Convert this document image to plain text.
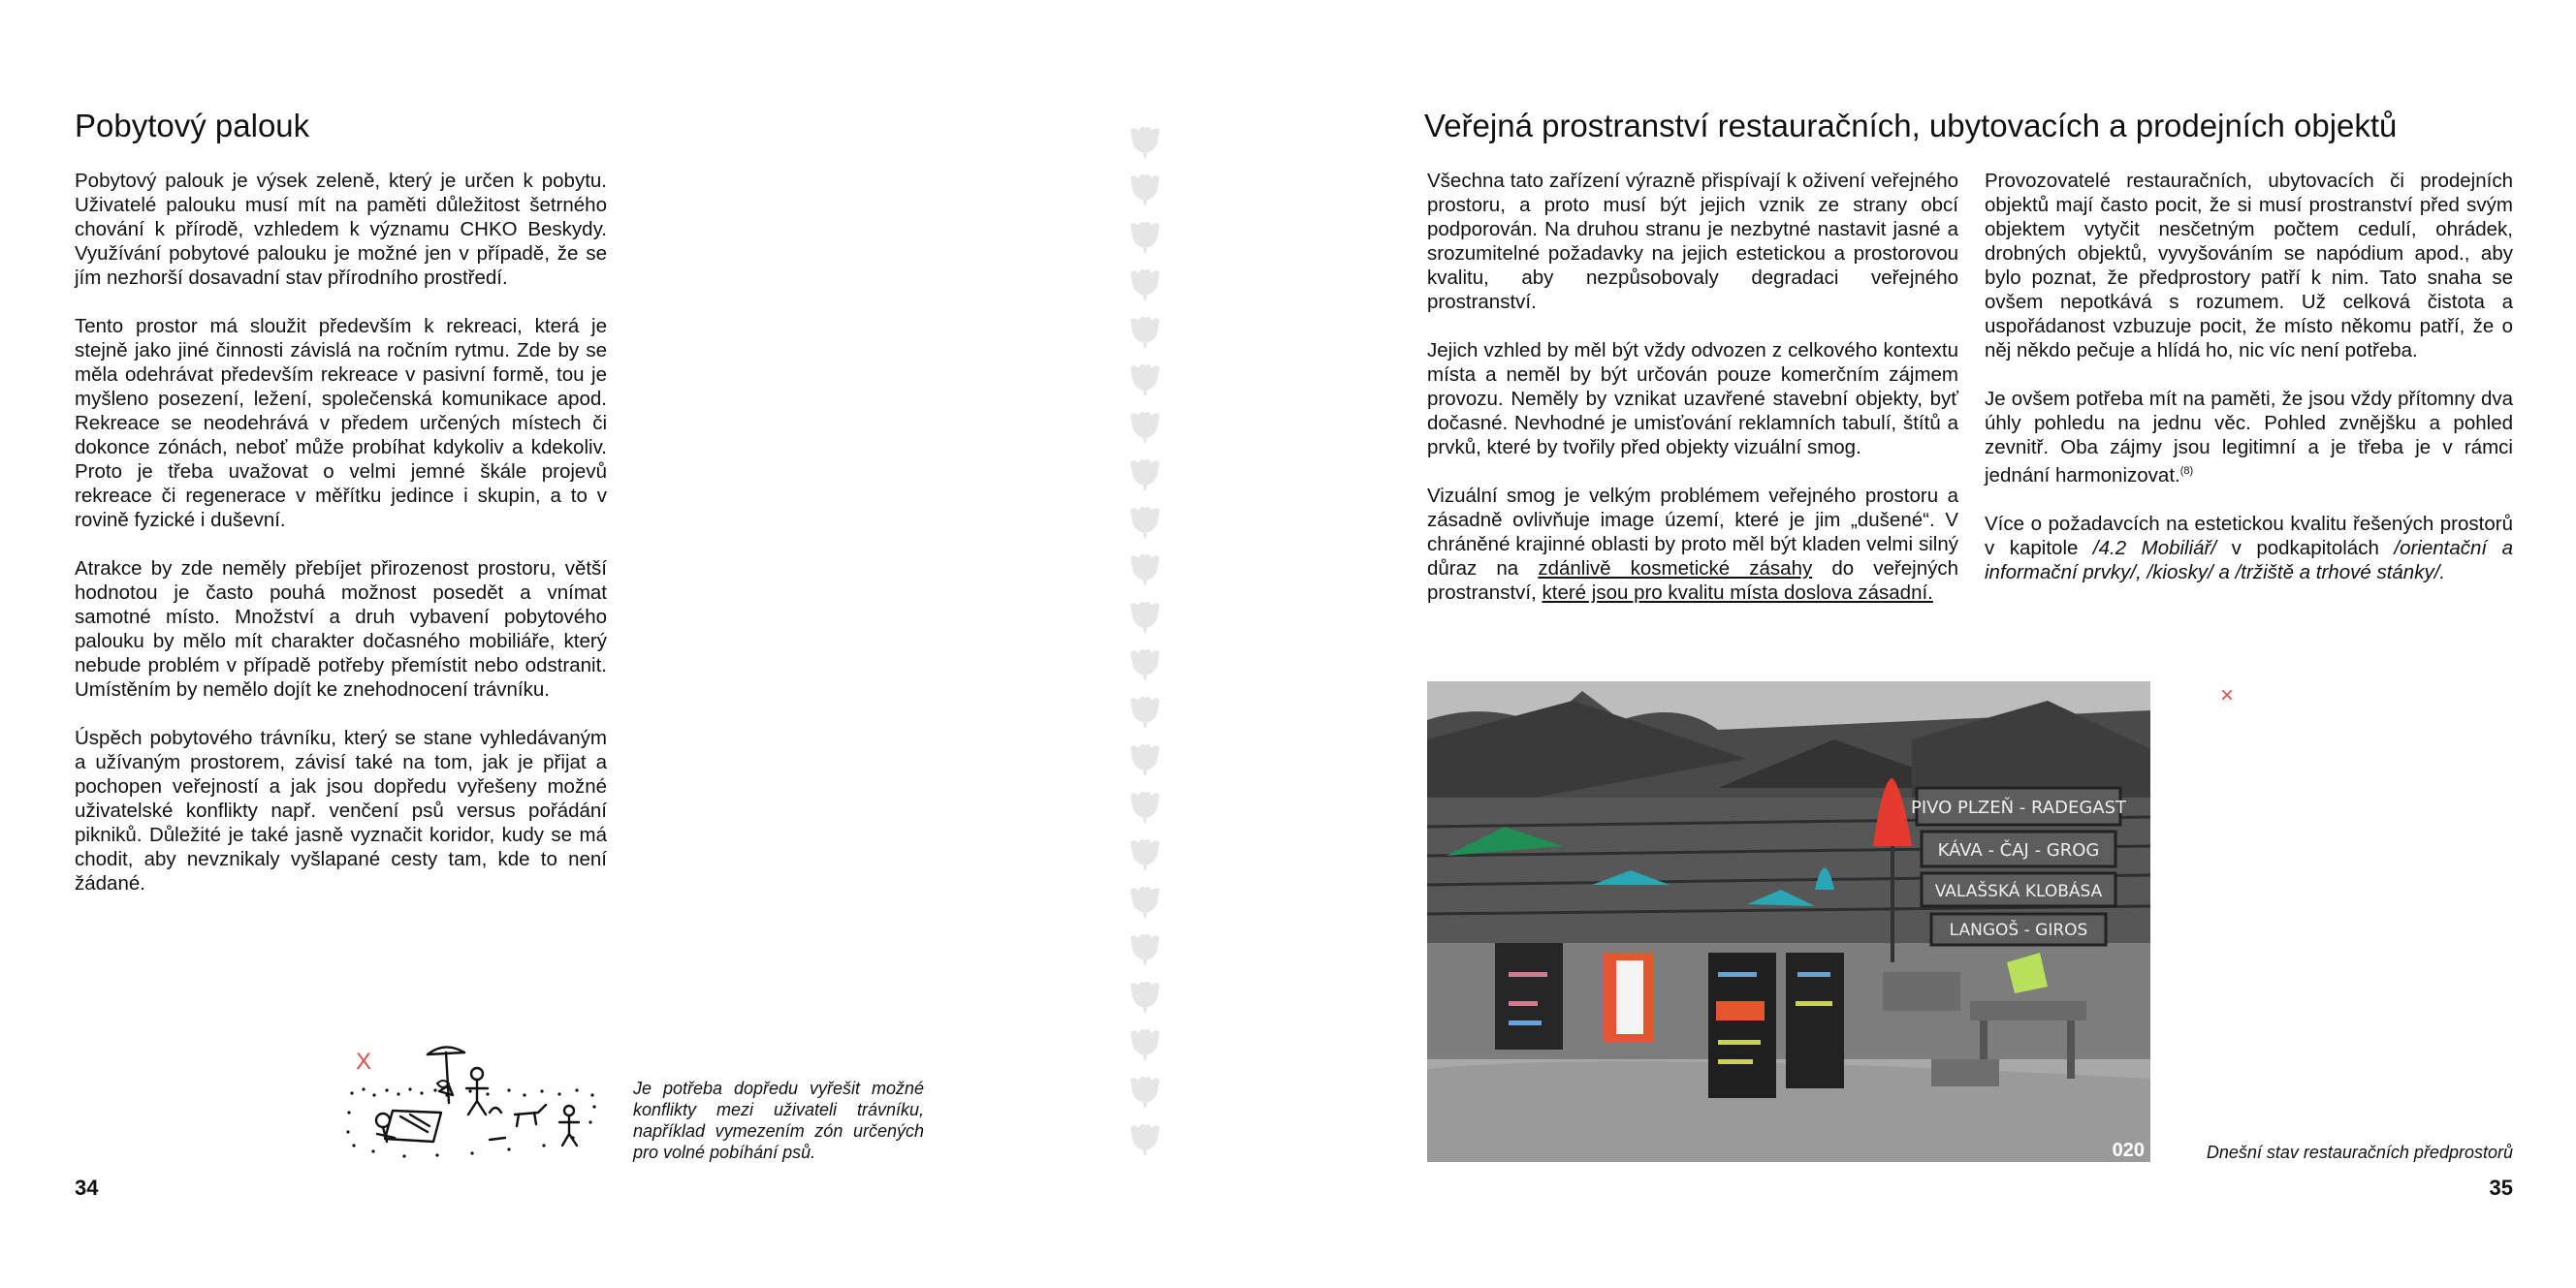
Pobytový palouk

Pobytový palouk je výsek zeleně, který je určen k pobytu. Uživatelé palouku musí mít na paměti důležitost šetrného chování k přírodě, vzhledem k významu CHKO Beskydy. Využívání pobytové palouku je možné jen v případě, že se jím nezhorší dosavadní stav přírodního prostředí.

Tento prostor má sloužit především k rekreaci, která je stejně jako jiné činnosti závislá na ročním rytmu. Zde by se měla odehrávat především rekreace v pasivní formě, tou je myšleno posezení, ležení, společenská komunikace apod. Rekreace se neodehrává v předem určených místech či dokonce zónách, neboť může probíhat kdykoliv a kdekoliv. Proto je třeba uvažovat o velmi jemné škále projevů rekreace či regenerace v měřítku jedince i skupin, a to v rovině fyzické i duševní.

Atrakce by zde neměly přebíjet přirozenost prostoru, větší hodnotou je často pouhá možnost posedět a vnímat samotné místo. Množství a druh vybavení pobytového palouku by mělo mít charakter dočasného mobiliáře, který nebude problém v případě potřeby přemístit nebo odstranit. Umístěním by nemělo dojít ke znehodnocení trávníku.

Úspěch pobytového trávníku, který se stane vyhledávaným a užívaným prostorem, závisí také na tom, jak je přijat a pochopen veřejností a jak jsou dopředu vyřešeny možné uživatelské konflikty např. venčení psů versus pořádání pikniků. Důležité je také jasně vyznačit koridor, kudy se má chodit, aby nevznikaly vyšlapané cesty tam, kde to není žádané.

X
Je potřeba dopředu vyřešit možné konflikty mezi uživateli trávníku, například vymezením zón určených pro volné pobíhání psů.
34
Veřejná prostranství restauračních, ubytovacích a prodejních objektů

Všechna tato zařízení výrazně přispívají k oživení veřejného prostoru, a proto musí být jejich vznik ze strany obcí podporován. Na druhou stranu je nezbytné nastavit jasné a srozumitelné požadavky na jejich estetickou a prostorovou kvalitu, aby nezpůsobovaly degradaci veřejného prostranství.

Jejich vzhled by měl být vždy odvozen z celkového kontextu místa a neměl by být určován pouze komerčním zájmem provozu. Neměly by vznikat uzavřené stavební objekty, byť dočasné. Nevhodné je umisťování reklamních tabulí, štítů a prvků, které by tvořily před objekty vizuální smog.

Vizuální smog je velkým problémem veřejného prostoru a zásadně ovlivňuje image území, které je jim „dušené“. V chráněné krajinné oblasti by proto měl být kladen velmi silný důraz na zdánlivě kosmetické zásahy do veřejných prostranství, které jsou pro kvalitu místa doslova zásadní.

Provozovatelé restauračních, ubytovacích či prodejních objektů mají často pocit, že si musí prostranství před svým objektem vytyčit nesčetným počtem cedulí, ohrádek, drobných objektů, vyvyšováním se napódium apod., aby bylo poznat, že předprostory patří k nim. Tato snaha se ovšem nepotkává s rozumem. Už celková čistota a uspořádanost vzbuzuje pocit, že místo někomu patří, že o něj někdo pečuje a hlídá ho, nic víc není potřeba.

Je ovšem potřeba mít na paměti, že jsou vždy přítomny dva úhly pohledu na jednu věc. Pohled zvnějšku a pohled zevnitř. Oba zájmy jsou legitimní a je třeba je v rámci jednání harmonizovat.$^{(8)}$

Více o požadavcích na estetickou kvalitu řešených prostorů v kapitole /4.2 Mobiliář/ v podkapitolách /orientační a informační prvky/, /kiosky/ a /tržiště a trhové stánky/.

PIVO PLZEŇ - RADEGAST
KÁVA - ČAJ - GROG
VALAŠSKÁ KLOBÁSA
LANGOŠ - GIROS
020
×
Dnešní stav restauračních předprostorů
35
